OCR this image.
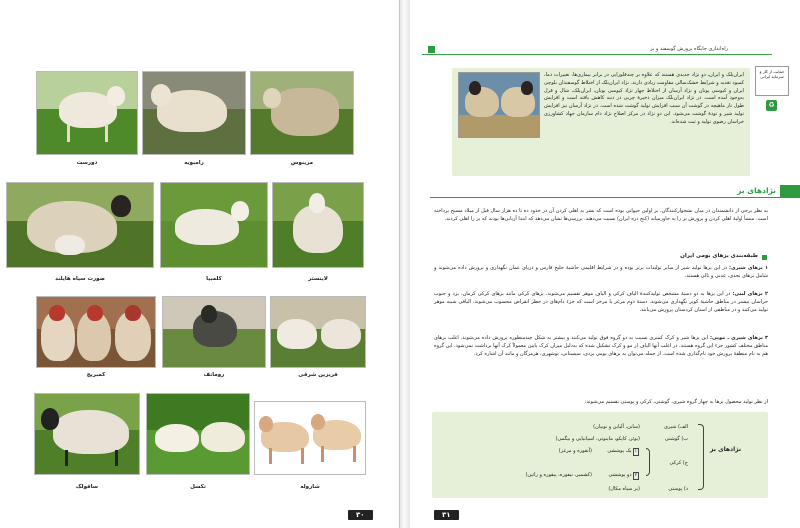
دورست	رامبویه	مرینوس
صورت سیاه هایلند	کلمبیا	لاینستر
کمبریج	رومانف	فریزین شرقی
سافولک	تکسل	شاروله
۳۰
راه‌اندازی جایگاه پرورش گوسفند و بز
حمایت از کار و سرمایه ایرانی
♻
ایران‌بلک و ایران‌ـ دو نژاد جدیدی هستند که علاوه بر چندقلوزایی در برابر بیماری‌ها، تغییرات دما، کمبود تغذیه و شرایط خشک‌سالی مقاومت زیادی دارند. نژاد ایران‌بلک از اختلاط گوسفندان بلوچی ایران و کیوسی یونان و نژاد آرسان از اختلاط چهار نژاد کیوسی یونان، ایران‌بلک، شال و قزل به‌وجود آمده است. در نژاد ایران‌بلک میزان ذخیرهٔ چربی در دنبه کاهش یافته است و افزایش طول تار ماهیچه در گوشت آن سبب افزایش تولید گوشت شده است. در نژاد آرسان نیز افزایش تولید شیر و تودهٔ گوشت می‌شود. این دو نژاد در مرکز اصلاح نژاد دام سازمان جهاد کشاورزی خراسان رضوی تولید و ثبت شده‌اند.
نژادهای بز
به نظر برخی از دانشمندان در میان نشخوارکنندگان، بز اولین حیوانی بوده است که بشر به اهلی کردن آن در حدود ده تا ده هزار سال قبل از میلاد مسیح پرداخته است. منشأ اولیهٔ اهلی کردن و پرورش بز را به خاورمیانه (کنج دره ایران) نسبت می‌دهند. بررسی‌ها نشان می‌دهد که ابتدا آریایی‌ها بودند که بز را اهلی کردند.
طبقه‌بندی بزهای بومی ایران
۱ بزهای شیری: در این بزها تولید شیر از سایر تولیدات برتر بوده و در شرایط اقلیمی حاشیهٔ خلیج فارس و دریای عمان نگهداری و پرورش داده می‌شوند و شامل بزهای نجدی، عدنی و تالی هستند.
۲ بزهای لبنی: در این بزها به دو دستهٔ مشخص تولیدکنندهٔ الیاف کرکی و الیاف موهر تقسیم می‌شوند. بزهای کرکی مانند بزهای کرکی کرمان، یزد و جنوب خراسان بیشتر در مناطق حاشیهٔ کویر نگهداری می‌شوند. دستهٔ دوم مرغز یا مرخز است که جزء دام‌های در خطر انقراض محسوب می‌شوند. الیافی شبیه موهر تولید می‌کنند و در مناطقی از استان کردستان پرورش می‌یابند.
۳ بزهای شیری ـ مویی: این بزها شیر و کرک کمتری نسبت به دو گروه فوق تولید می‌کنند و بیشتر به شکل چندمنظوره پرورش داده می‌شوند. اغلب بزهای مناطق مختلف کشور جزء این گروه هستند. در اغلب آنها الیاف از مو و کرک تشکیل شده که به‌دلیل میزان کرک پایین معمولاً کرک آنها برداشت نمی‌شود. این گروه هم به نام منطقهٔ پرورش خود نام‌گذاری شده است. از جمله می‌توان به بزهای بومی یزدی، سیستانی، بوشهری، هرمزگان و مانند آن اشاره کرد.
از نظر تولید محصول بزها به چهار گروه شیری، گوشتی، کرکی و پوستی تقسیم می‌شوند:
نژادهای بز
الف) شیری
(سانن، آلپاین و نوبیان)
ب) گوشتی
(بوئر، کاپکو، ماینوتی، اسپانیایی و بیگمی)
ج) کرکی
۱یک پوششی
(آنقوره و مرغز)
۲دو پوششی
(کشمیر، نیفوره، پیقوره و راثین)
د) پوستی
(بز سیاه مکال)
۳۱
